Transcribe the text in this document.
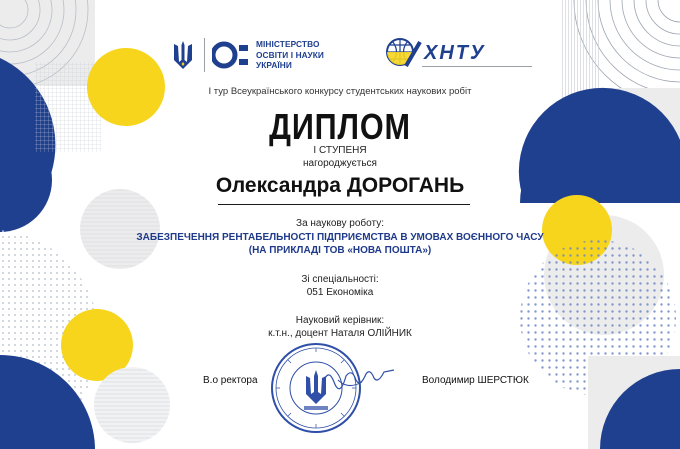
МІНІСТЕРСТВО
ОСВІТИ І НАУКИ
УКРАЇНИ
ХНТУ
І тур Всеукраїнського конкурсу студентських наукових робіт
ДИПЛОМ
І СТУПЕНЯ
нагороджується
Олександра ДОРОГАНЬ
За наукову роботу:
ЗАБЕЗПЕЧЕННЯ РЕНТАБЕЛЬНОСТІ ПІДПРИЄМСТВА В УМОВАХ ВОЄННОГО ЧАСУ
(НА ПРИКЛАДІ ТОВ «НОВА ПОШТА»)
Зі спеціальності:
051 Економіка
Науковий керівник:
к.т.н., доцент Наталя ОЛІЙНИК
В.о ректора	Володимир ШЕРСТЮК
